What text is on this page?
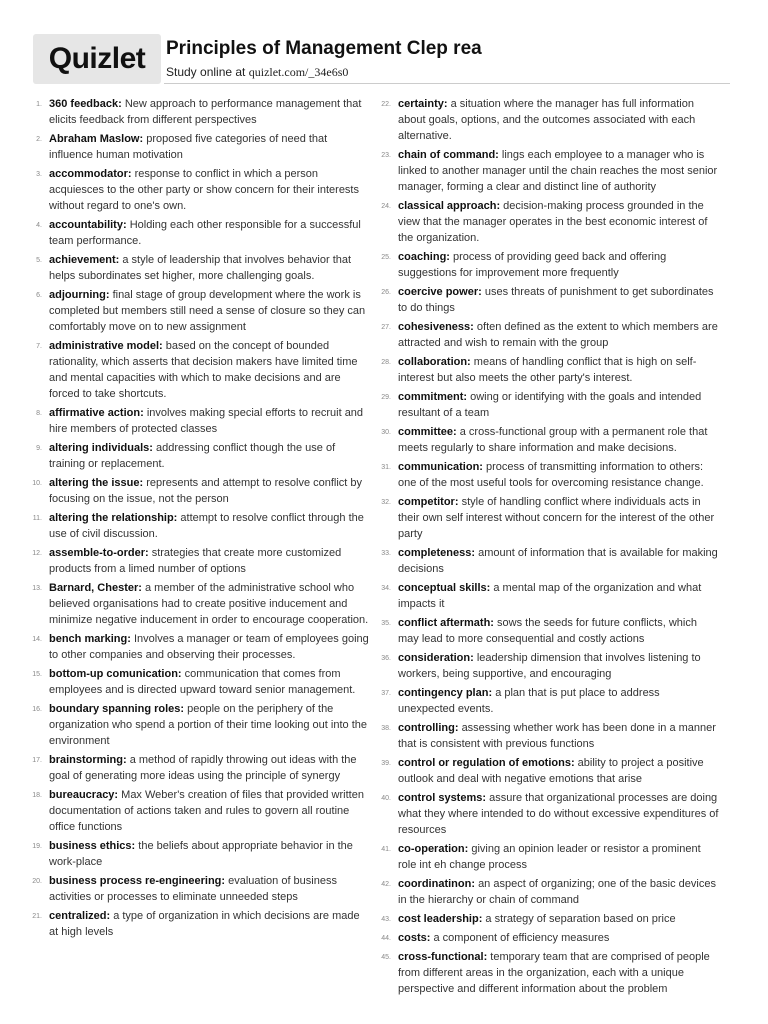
Quizlet Principles of Management Clep rea
Study online at quizlet.com/_34e6s0
1. 360 feedback: New approach to performance management that elicits feedback from different perspectives
2. Abraham Maslow: proposed five categories of need that influence human motivation
3. accommodator: response to conflict in which a person acquiesces to the other party or show concern for their interests without regard to one's own.
4. accountability: Holding each other responsible for a successful team performance.
5. achievement: a style of leadership that involves behavior that helps subordinates set higher, more challenging goals.
6. adjourning: final stage of group development where the work is completed but members still need a sense of closure so they can comfortably move on to new assignment
7. administrative model: based on the concept of bounded rationality, which asserts that decision makers have limited time and mental capacities with which to make decisions and are forced to take shortcuts.
8. affirmative action: involves making special efforts to recruit and hire members of protected classes
9. altering individuals: addressing conflict though the use of training or replacement.
10. altering the issue: represents and attempt to resolve conflict by focusing on the issue, not the person
11. altering the relationship: attempt to resolve conflict through the use of civil discussion.
12. assemble-to-order: strategies that create more customized products from a limed number of options
13. Barnard, Chester: a member of the administrative school who believed organisations had to create positive inducement and minimize negative inducement in order to encourage cooperation.
14. bench marking: Involves a manager or team of employees going to other companies and observing their processes.
15. bottom-up comunication: communication that comes from employees and is directed upward toward senior management.
16. boundary spanning roles: people on the periphery of the organization who spend a portion of their time looking out into the environment
17. brainstorming: a method of rapidly throwing out ideas with the goal of generating more ideas using the principle of synergy
18. bureaucracy: Max Weber's creation of files that provided written documentation of actions taken and rules to govern all routine office functions
19. business ethics: the beliefs about appropriate behavior in the work-place
20. business process re-engineering: evaluation of business activities or processes to eliminate unneeded steps
21. centralized: a type of organization in which decisions are made at high levels
22. certainty: a situation where the manager has full information about goals, options, and the outcomes associated with each alternative.
23. chain of command: lings each employee to a manager who is linked to another manager until the chain reaches the most senior manager, forming a clear and distinct line of authority
24. classical approach: decision-making process grounded in the view that the manager operates in the best economic interest of the organization.
25. coaching: process of providing geed back and offering suggestions for improvement more frequently
26. coercive power: uses threats of punishment to get subordinates to do things
27. cohesiveness: often defined as the extent to which members are attracted and wish to remain with the group
28. collaboration: means of handling conflict that is high on self-interest but also meets the other party's interest.
29. commitment: owing or identifying with the goals and intended resultant of a team
30. committee: a cross-functional group with a permanent role that meets regularly to share information and make decisions.
31. communication: process of transmitting information to others: one of the most useful tools for overcoming resistance change.
32. competitor: style of handling conflict where individuals acts in their own self interest without concern for the interest of the other party
33. completeness: amount of information that is available for making decisions
34. conceptual skills: a mental map of the organization and what impacts it
35. conflict aftermath: sows the seeds for future conflicts, which may lead to more consequential and costly actions
36. consideration: leadership dimension that involves listening to workers, being supportive, and encouraging
37. contingency plan: a plan that is put place to address unexpected events.
38. controlling: assessing whether work has been done in a manner that is consistent with previous functions
39. control or regulation of emotions: ability to project a positive outlook and deal with negative emotions that arise
40. control systems: assure that organizational processes are doing what they where intended to do without excessive expenditures of resources
41. co-operation: giving an opinion leader or resistor a prominent role int eh change process
42. coordinatinon: an aspect of organizing; one of the basic devices in the hierarchy or chain of command
43. cost leadership: a strategy of separation based on price
44. costs: a component of efficiency measures
45. cross-functional: temporary team that are comprised of people from different areas in the organization, each with a unique perspective and different information about the problem
